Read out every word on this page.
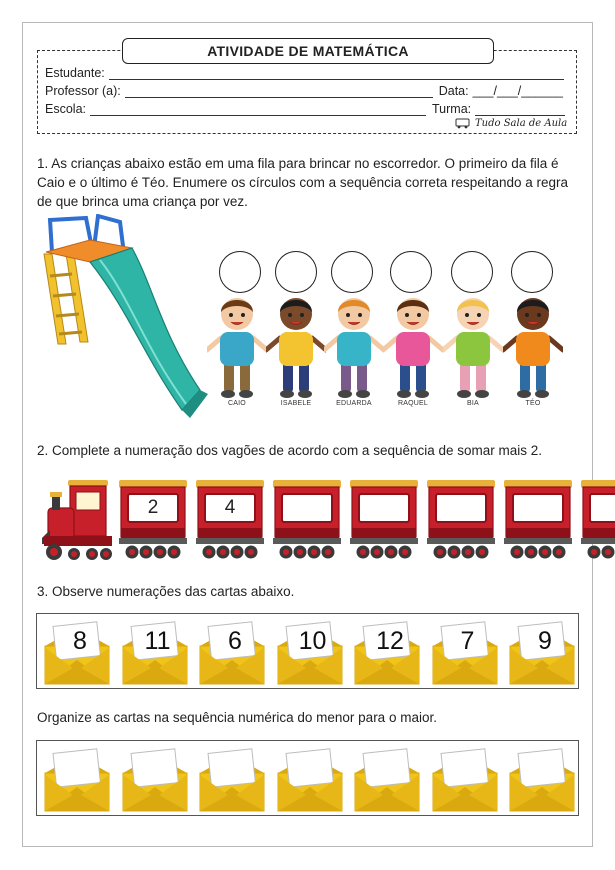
ATIVIDADE DE MATEMÁTICA
Estudante:
Professor (a):	Data: ___/___/______
Escola:	Turma:
Tudo Sala de Aula
1. As crianças abaixo estão em uma fila para brincar no escorredor. O primeiro da fila é Caio e o último é Téo. Enumere os círculos com a sequência correta respeitando a regra de que brinca uma criança por vez.
CAIO	ISABELE	EDUARDA	RAQUEL	BIA	TÉO
2. Complete a numeração dos vagões de acordo com a sequência de somar mais 2.
2	4
3. Observe numerações das cartas abaixo.
8	11	6	10 12	7	9
Organize as cartas na sequência numérica do menor para o maior.
